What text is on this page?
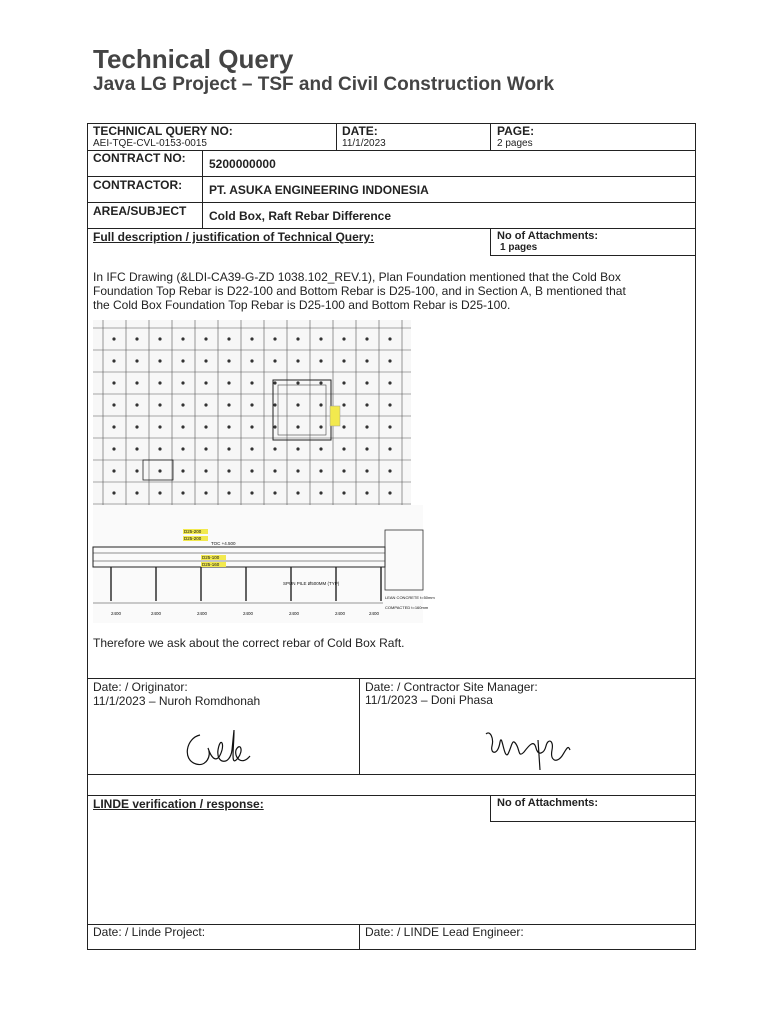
Technical Query
Java LG Project – TSF and Civil Construction Work
TECHNICAL QUERY NO:
AEI-TQE-CVL-0153-0015
DATE:
11/1/2023
PAGE:
2 pages
CONTRACT NO: 5200000000
CONTRACTOR: PT. ASUKA ENGINEERING INDONESIA
AREA/SUBJECT Cold Box, Raft Rebar Difference
Full description / justification of Technical Query:	No of Attachments:
1 pages
In IFC Drawing (&LDI-CA39-G-ZD 1038.102_REV.1), Plan Foundation mentioned that the Cold Box
Foundation Top Rebar is D22-100 and Bottom Rebar is D25-100, and in Section A, B mentioned that
the Cold Box Foundation Top Rebar is D25-100 and Bottom Rebar is D25-100.
D25-200
D25-200
D25-100
D25-160
TOC +4.500
SPUN PILE Ø500MM (TYP)
LEAN CONCRETE t=50mm
COMPACTED t=160mm
2400	2400	2400	2400	2400	2400	2400
Therefore we ask about the correct rebar of Cold Box Raft.
Date: / Originator:
11/1/2023 – Nuroh Romdhonah
Date: / Contractor Site Manager:
11/1/2023 – Doni Phasa
LINDE verification / response:	No of Attachments:
Date: / Linde Project:	Date: / LINDE Lead Engineer:
